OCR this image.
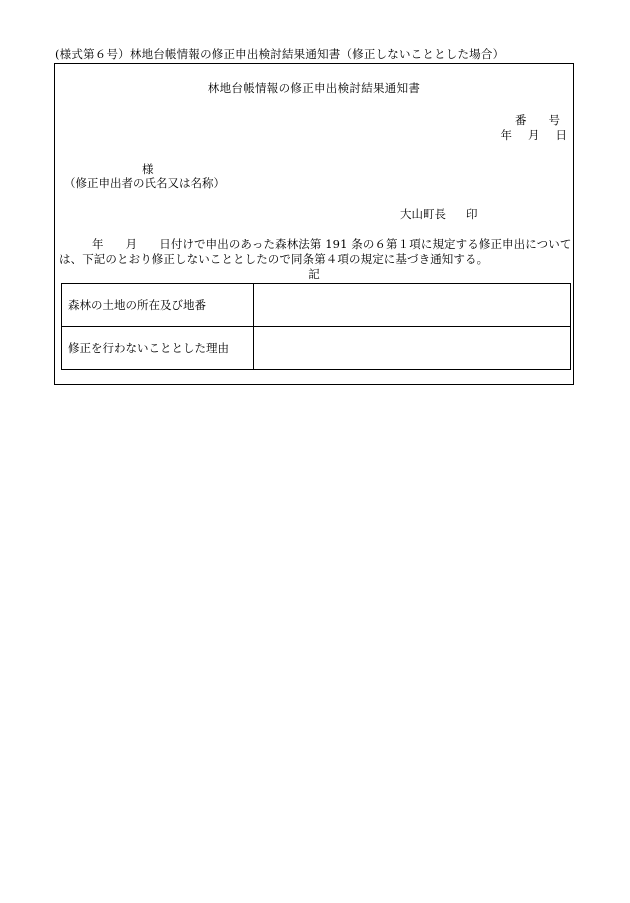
(様式第６号）林地台帳情報の修正申出検討結果通知書（修正しないこととした場合）
林地台帳情報の修正申出検討結果通知書
番 号
年 月 日
様
（修正申出者の氏名又は名称）
大山町長 印
年 月 日付けで申出のあった森林法第 191 条の６第１項に規定する修正申出については、下記のとおり修正しないこととしたので同条第４項の規定に基づき通知する。
記
森林の土地の所在及び地番	
修正を行わないこととした理由	
